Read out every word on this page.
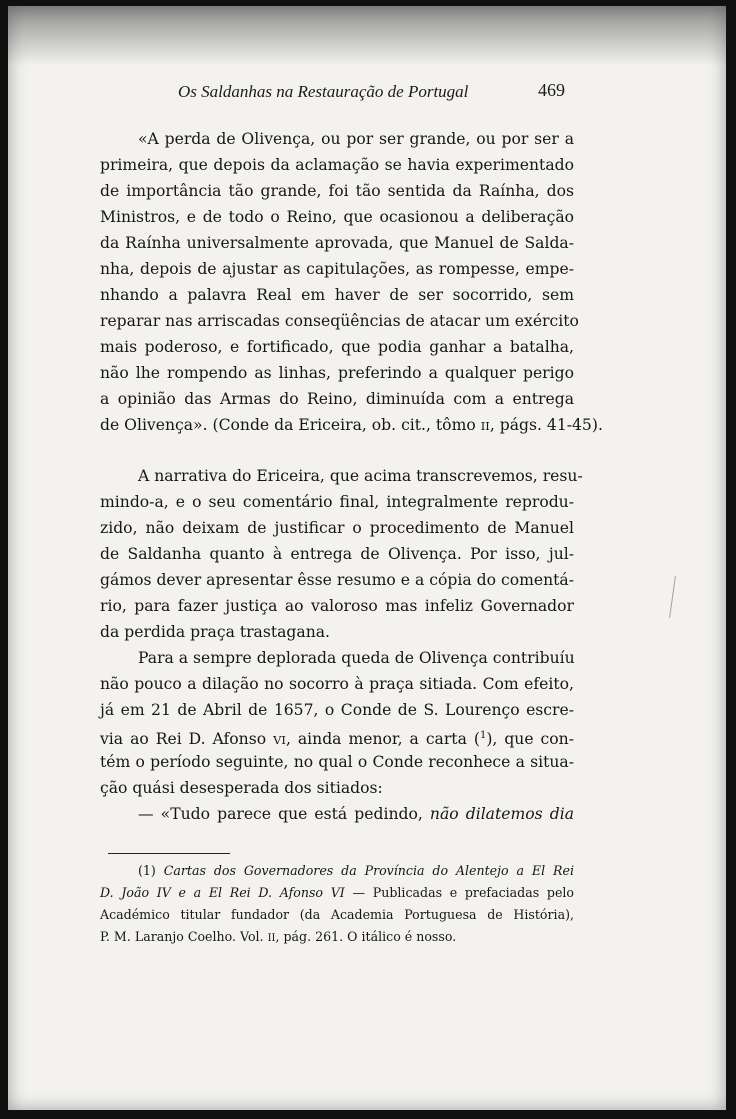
Os Saldanhas na Restauração de Portugal	469
«A perda de Olivença, ou por ser grande, ou por ser a
primeira, que depois da aclamação se havia experimentado
de importância tão grande, foi tão sentida da Raínha, dos
Ministros, e de todo o Reino, que ocasionou a deliberação
da Raínha universalmente aprovada, que Manuel de Salda-
nha, depois de ajustar as capitulações, as rompesse, empe-
nhando a palavra Real em haver de ser socorrido, sem
reparar nas arriscadas conseqüências de atacar um exército
mais poderoso, e fortificado, que podia ganhar a batalha,
não lhe rompendo as linhas, preferindo a qualquer perigo
a opinião das Armas do Reino, diminuída com a entrega
de Olivença». (Conde da Ericeira, ob. cit., tômo II, págs. 41-45).
A narrativa do Ericeira, que acima transcrevemos, resu-
mindo-a, e o seu comentário final, integralmente reprodu-
zido, não deixam de justificar o procedimento de Manuel
de Saldanha quanto à entrega de Olivença. Por isso, jul-
gámos dever apresentar êsse resumo e a cópia do comentá-
rio, para fazer justiça ao valoroso mas infeliz Governador
da perdida praça trastagana.
Para a sempre deplorada queda de Olivença contribuíu
não pouco a dilação no socorro à praça sitiada. Com efeito,
já em 21 de Abril de 1657, o Conde de S. Lourenço escre-
via ao Rei D. Afonso VI, ainda menor, a carta ($^1$), que con-
tém o período seguinte, no qual o Conde reconhece a situa-
ção quási desesperada dos sitiados:
— «Tudo parece que está pedindo, não dilatemos dia
(1) Cartas dos Governadores da Província do Alentejo a El Rei
D. João IV e a El Rei D. Afonso VI — Publicadas e prefaciadas pelo
Académico titular fundador (da Academia Portuguesa de História),
P. M. Laranjo Coelho. Vol. II, pág. 261. O itálico é nosso.
